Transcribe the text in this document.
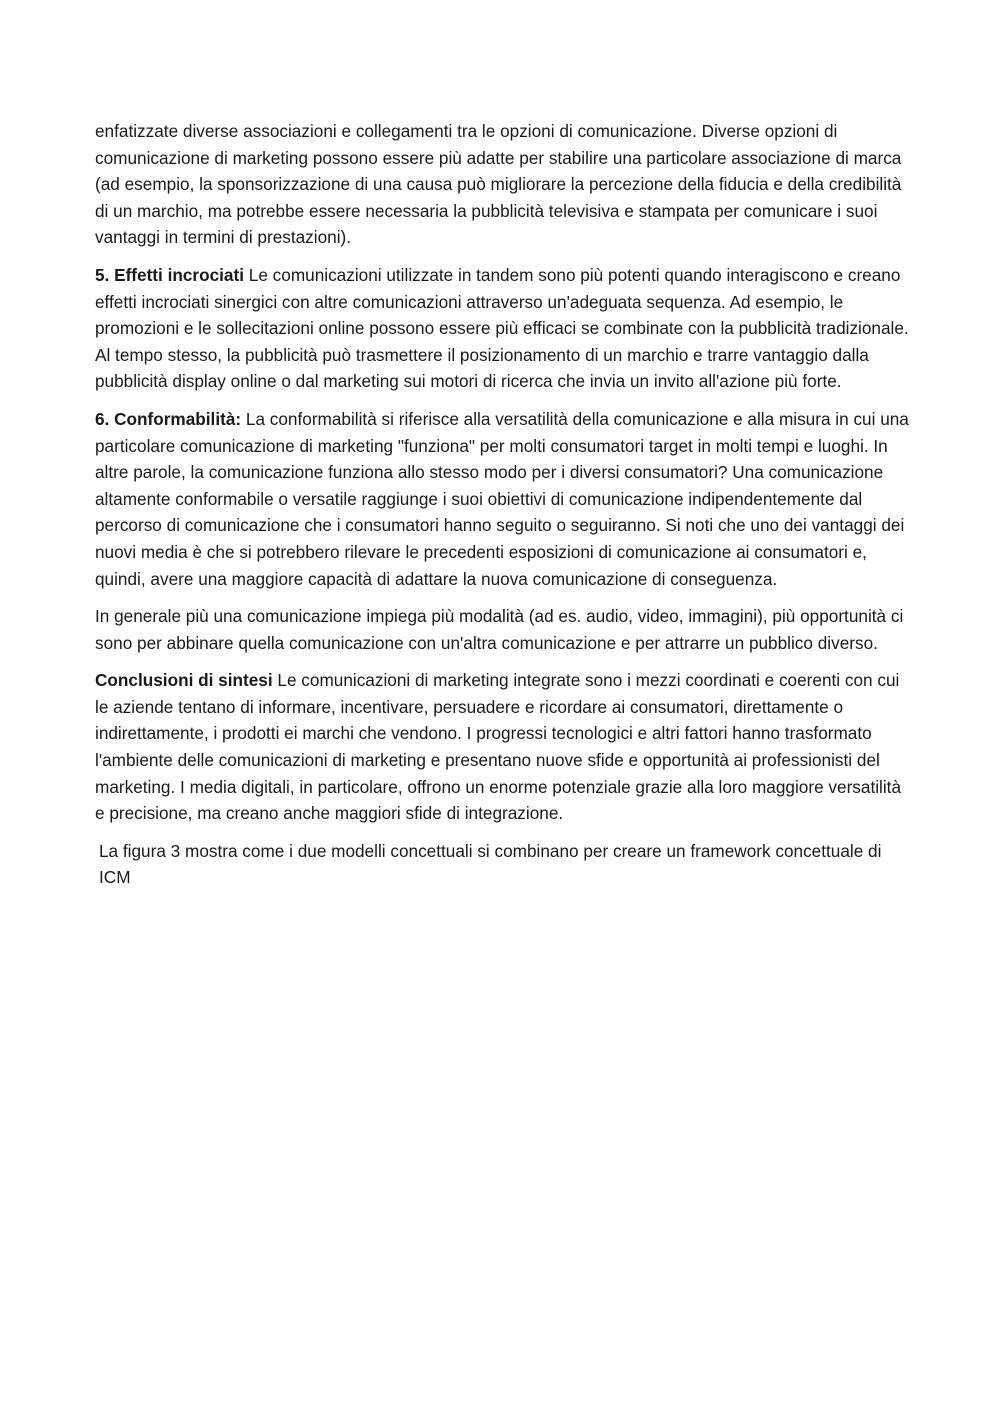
enfatizzate diverse associazioni e collegamenti tra le opzioni di comunicazione. Diverse opzioni di comunicazione di marketing possono essere più adatte per stabilire una particolare associazione di marca (ad esempio, la sponsorizzazione di una causa può migliorare la percezione della fiducia e della credibilità di un marchio, ma potrebbe essere necessaria la pubblicità televisiva e stampata per comunicare i suoi vantaggi in termini di prestazioni).

5. Effetti incrociati Le comunicazioni utilizzate in tandem sono più potenti quando interagiscono e creano effetti incrociati sinergici con altre comunicazioni attraverso un'adeguata sequenza. Ad esempio, le promozioni e le sollecitazioni online possono essere più efficaci se combinate con la pubblicità tradizionale. Al tempo stesso, la pubblicità può trasmettere il posizionamento di un marchio e trarre vantaggio dalla pubblicità display online o dal marketing sui motori di ricerca che invia un invito all'azione più forte.

6. Conformabilità: La conformabilità si riferisce alla versatilità della comunicazione e alla misura in cui una particolare comunicazione di marketing "funziona" per molti consumatori target in molti tempi e luoghi. In altre parole, la comunicazione funziona allo stesso modo per i diversi consumatori? Una comunicazione altamente conformabile o versatile raggiunge i suoi obiettivi di comunicazione indipendentemente dal percorso di comunicazione che i consumatori hanno seguito o seguiranno. Si noti che uno dei vantaggi dei nuovi media è che si potrebbero rilevare le precedenti esposizioni di comunicazione ai consumatori e, quindi, avere una maggiore capacità di adattare la nuova comunicazione di conseguenza.

In generale più una comunicazione impiega più modalità (ad es. audio, video, immagini), più opportunità ci sono per abbinare quella comunicazione con un'altra comunicazione e per attrarre un pubblico diverso.

Conclusioni di sintesi Le comunicazioni di marketing integrate sono i mezzi coordinati e coerenti con cui le aziende tentano di informare, incentivare, persuadere e ricordare ai consumatori, direttamente o indirettamente, i prodotti ei marchi che vendono. I progressi tecnologici e altri fattori hanno trasformato l'ambiente delle comunicazioni di marketing e presentano nuove sfide e opportunità ai professionisti del marketing. I media digitali, in particolare, offrono un enorme potenziale grazie alla loro maggiore versatilità e precisione, ma creano anche maggiori sfide di integrazione.

La figura 3 mostra come i due modelli concettuali si combinano per creare un framework concettuale di ICM
